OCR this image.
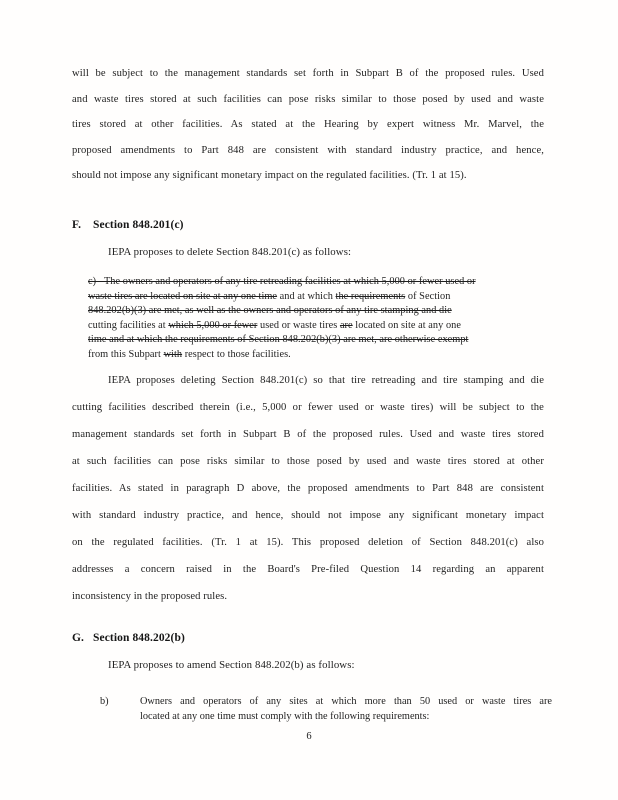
will be subject to the management standards set forth in Subpart B of the proposed rules. Used
and waste tires stored at such facilities can pose risks similar to those posed by used and waste
tires stored at other facilities. As stated at the Hearing by expert witness Mr. Marvel, the
proposed amendments to Part 848 are consistent with standard industry practice, and hence,
should not impose any significant monetary impact on the regulated facilities. (Tr. 1 at 15).
F.	Section 848.201(c)
IEPA proposes to delete Section 848.201(c) as follows:
c)   The owners and operators of any tire retreading facilities at which 5,000 or fewer used or
waste tires are located on site at any one time and at which the requirements of Section
848.202(b)(3) are met, as well as the owners and operators of any tire stamping and die
cutting facilities at which 5,000 or fewer used or waste tires are located on site at any one
time and at which the requirements of Section 848.202(b)(3) are met, are otherwise exempt
from this Subpart with respect to those facilities.
IEPA proposes deleting Section 848.201(c) so that tire retreading and tire stamping and die
cutting facilities described therein (i.e., 5,000 or fewer used or waste tires) will be subject to the
management standards set forth in Subpart B of the proposed rules. Used and waste tires stored
at such facilities can pose risks similar to those posed by used and waste tires stored at other
facilities. As stated in paragraph D above, the proposed amendments to Part 848 are consistent
with standard industry practice, and hence, should not impose any significant monetary impact
on the regulated facilities. (Tr. 1 at 15). This proposed deletion of Section 848.201(c) also
addresses a concern raised in the Board's Pre-filed Question 14 regarding an apparent
inconsistency in the proposed rules.
G. Section 848.202(b)
IEPA proposes to amend Section 848.202(b) as follows:
b)	Owners and operators of any sites at which more than 50 used or waste tires are
located at any one time must comply with the following requirements:
6
